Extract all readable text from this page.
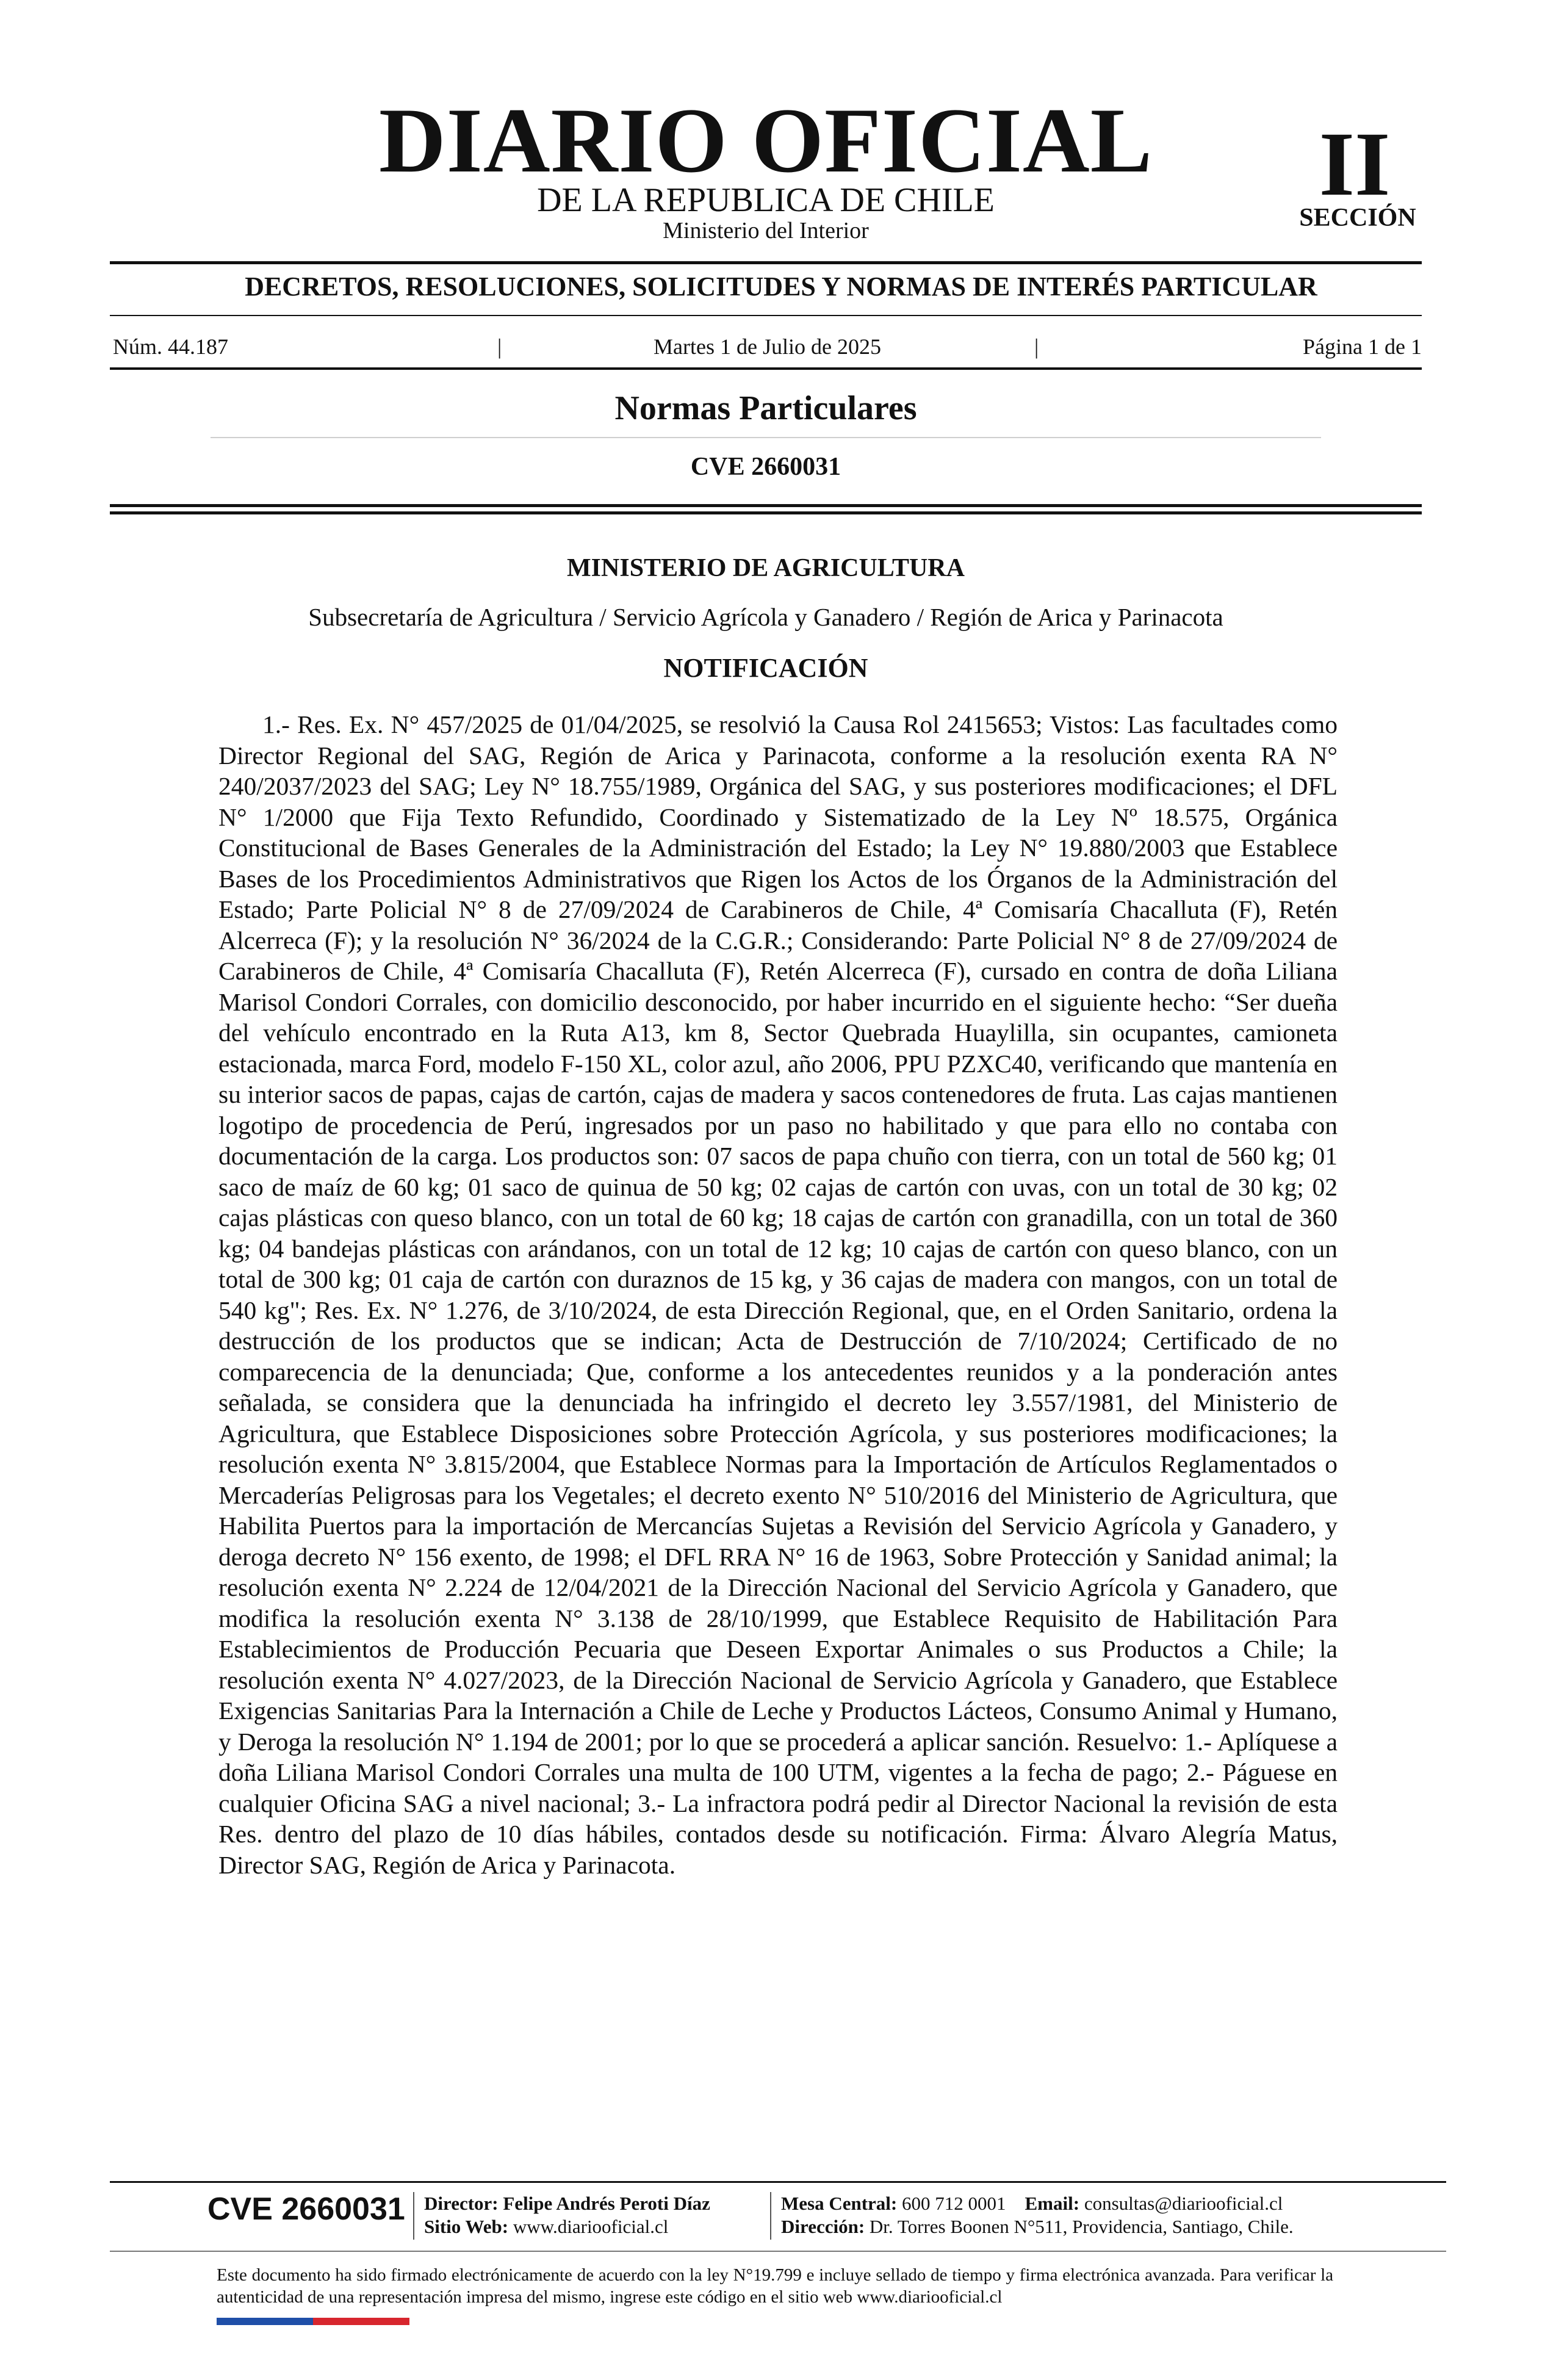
DIARIO OFICIAL
DE LA REPUBLICA DE CHILE
Ministerio del Interior
II
SECCIÓN
DECRETOS, RESOLUCIONES, SOLICITUDES Y NORMAS DE INTERÉS PARTICULAR
Núm. 44.187	|	Martes 1 de Julio de 2025	|	Página 1 de 1
Normas Particulares
CVE 2660031
MINISTERIO DE AGRICULTURA
Subsecretaría de Agricultura / Servicio Agrícola y Ganadero / Región de Arica y Parinacota
NOTIFICACIÓN

1.- Res. Ex. N° 457/2025 de 01/04/2025, se resolvió la Causa Rol 2415653; Vistos: Las facultades como Director Regional del SAG, Región de Arica y Parinacota, conforme a la resolución exenta RA N° 240/2037/2023 del SAG; Ley N° 18.755/1989, Orgánica del SAG, y sus posteriores modificaciones; el DFL N° 1/2000 que Fija Texto Refundido, Coordinado y Sistematizado de la Ley Nº 18.575, Orgánica Constitucional de Bases Generales de la Administración del Estado; la Ley N° 19.880/2003 que Establece Bases de los Procedimientos Administrativos que Rigen los Actos de los Órganos de la Administración del Estado; Parte Policial N° 8 de 27/09/2024 de Carabineros de Chile, 4ª Comisaría Chacalluta (F), Retén Alcerreca (F); y la resolución N° 36/2024 de la C.G.R.; Considerando: Parte Policial N° 8 de 27/09/2024 de Carabineros de Chile, 4ª Comisaría Chacalluta (F), Retén Alcerreca (F), cursado en contra de doña Liliana Marisol Condori Corrales, con domicilio desconocido, por haber incurrido en el siguiente hecho: “Ser dueña del vehículo encontrado en la Ruta A13, km 8, Sector Quebrada Huaylilla, sin ocupantes, camioneta estacionada, marca Ford, modelo F-150 XL, color azul, año 2006, PPU PZXC40, verificando que mantenía en su interior sacos de papas, cajas de cartón, cajas de madera y sacos contenedores de fruta. Las cajas mantienen logotipo de procedencia de Perú, ingresados por un paso no habilitado y que para ello no contaba con documentación de la carga. Los productos son: 07 sacos de papa chuño con tierra, con un total de 560 kg; 01 saco de maíz de 60 kg; 01 saco de quinua de 50 kg; 02 cajas de cartón con uvas, con un total de 30 kg; 02 cajas plásticas con queso blanco, con un total de 60 kg; 18 cajas de cartón con granadilla, con un total de 360 kg; 04 bandejas plásticas con arándanos, con un total de 12 kg; 10 cajas de cartón con queso blanco, con un total de 300 kg; 01 caja de cartón con duraznos de 15 kg, y 36 cajas de madera con mangos, con un total de 540 kg"; Res. Ex. N° 1.276, de 3/10/2024, de esta Dirección Regional, que, en el Orden Sanitario, ordena la destrucción de los productos que se indican; Acta de Destrucción de 7/10/2024; Certificado de no comparecencia de la denunciada; Que, conforme a los antecedentes reunidos y a la ponderación antes señalada, se considera que la denunciada ha infringido el decreto ley 3.557/1981, del Ministerio de Agricultura, que Establece Disposiciones sobre Protección Agrícola, y sus posteriores modificaciones; la resolución exenta N° 3.815/2004, que Establece Normas para la Importación de Artículos Reglamentados o Mercaderías Peligrosas para los Vegetales; el decreto exento N° 510/2016 del Ministerio de Agricultura, que Habilita Puertos para la importación de Mercancías Sujetas a Revisión del Servicio Agrícola y Ganadero, y deroga decreto N° 156 exento, de 1998; el DFL RRA N° 16 de 1963, Sobre Protección y Sanidad animal; la resolución exenta N° 2.224 de 12/04/2021 de la Dirección Nacional del Servicio Agrícola y Ganadero, que modifica la resolución exenta N° 3.138 de 28/10/1999, que Establece Requisito de Habilitación Para Establecimientos de Producción Pecuaria que Deseen Exportar Animales o sus Productos a Chile; la resolución exenta N° 4.027/2023, de la Dirección Nacional de Servicio Agrícola y Ganadero, que Establece Exigencias Sanitarias Para la Internación a Chile de Leche y Productos Lácteos, Consumo Animal y Humano, y Deroga la resolución N° 1.194 de 2001; por lo que se procederá a aplicar sanción. Resuelvo: 1.- Aplíquese a doña Liliana Marisol Condori Corrales una multa de 100 UTM, vigentes a la fecha de pago; 2.- Páguese en cualquier Oficina SAG a nivel nacional; 3.- La infractora podrá pedir al Director Nacional la revisión de esta Res. dentro del plazo de 10 días hábiles, contados desde su notificación. Firma: Álvaro Alegría Matus, Director SAG, Región de Arica y Parinacota.

CVE 2660031 Director: Felipe Andrés Peroti Díaz
Sitio Web: www.diariooficial.cl
Mesa Central: 600 712 0001 Email: consultas@diariooficial.cl
Dirección: Dr. Torres Boonen N°511, Providencia, Santiago, Chile.
Este documento ha sido firmado electrónicamente de acuerdo con la ley N°19.799 e incluye sellado de tiempo y firma electrónica avanzada. Para verificar la autenticidad de una representación impresa del mismo, ingrese este código en el sitio web www.diariooficial.cl
